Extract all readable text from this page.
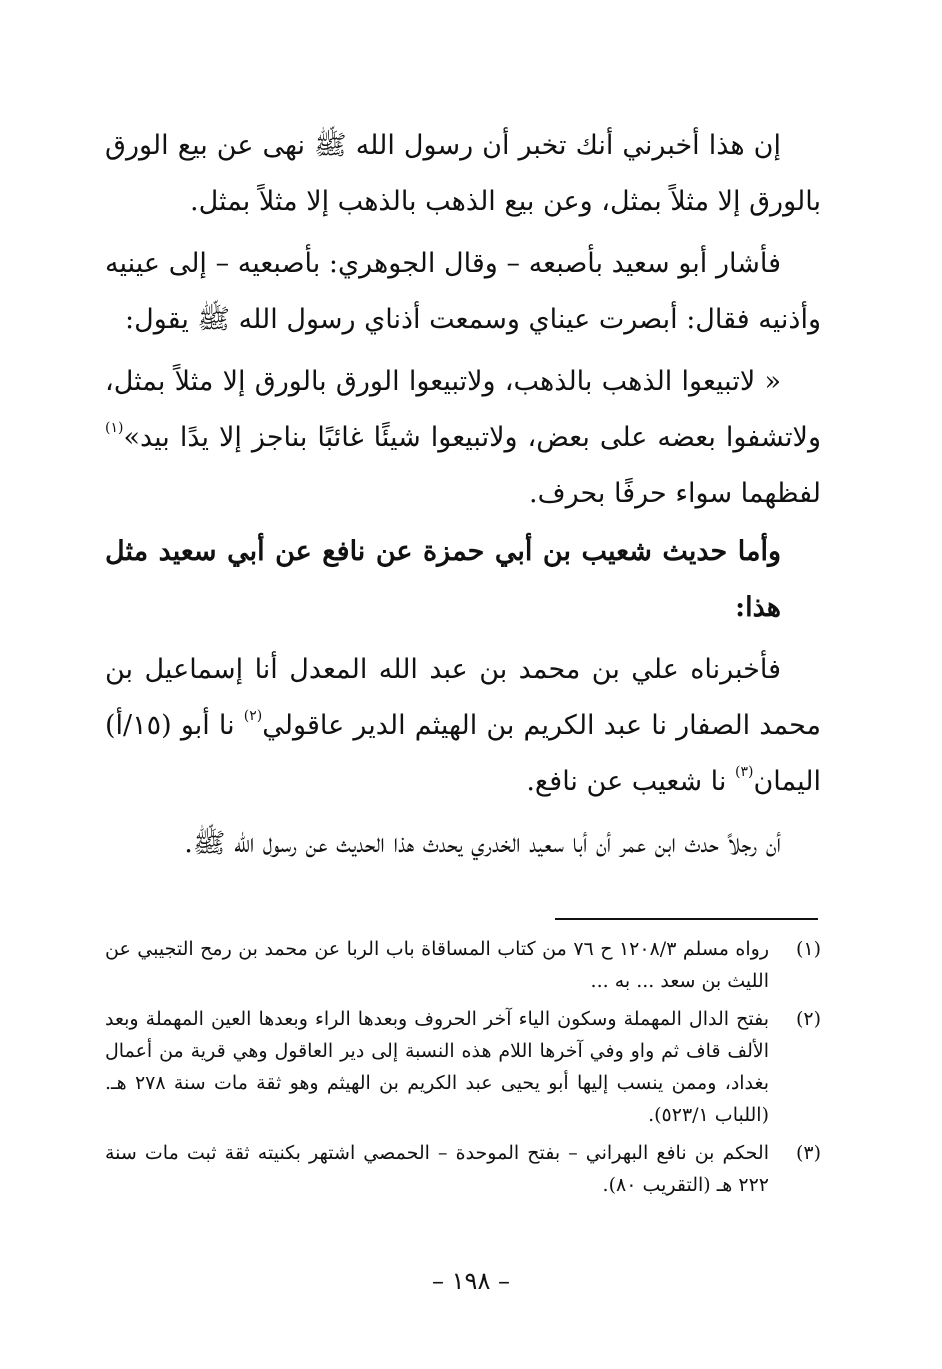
إن هذا أخبرني أنك تخبر أن رسول الله ﷺ نهى عن بيع الورق بالورق إلا مثلاً بمثل، وعن بيع الذهب بالذهب إلا مثلاً بمثل.

فأشار أبو سعيد بأصبعه – وقال الجوهري: بأصبعيه – إلى عينيه وأذنيه فقال: أبصرت عيناي وسمعت أذناي رسول الله ﷺ يقول:

« لاتبيعوا الذهب بالذهب، ولاتبيعوا الورق بالورق إلا مثلاً بمثل، ولاتشفوا بعضه على بعض، ولاتبيعوا شيئًا غائبًا بناجز إلا يدًا بيد»$^{(١)}$ لفظهما سواء حرفًا بحرف.

وأما حديث شعيب بن أبي حمزة عن نافع عن أبي سعيد مثل هذا:

فأخبرناه علي بن محمد بن عبد الله المعدل أنا إسماعيل بن محمد الصفار نا عبد الكريم بن الهيثم الدير عاقولي$^{(٢)}$ نا أبو (١٥/أ) اليمان$^{(٣)}$ نا شعيب عن نافع.

أن رجلاً حدث ابن عمر أن أبا سعيد الخدري يحدث هذا الحديث عن رسول الله ﷺ.

(١)
رواه مسلم ١٢٠٨/٣ ح ٧٦ من كتاب المساقاة باب الربا عن محمد بن رمح التجيبي عن الليث بن سعد ... به ...
(٢)
بفتح الدال المهملة وسكون الياء آخر الحروف وبعدها الراء وبعدها العين المهملة وبعد الألف قاف ثم واو وفي آخرها اللام هذه النسبة إلى دير العاقول وهي قرية من أعمال بغداد، وممن ينسب إليها أبو يحيى عبد الكريم بن الهيثم وهو ثقة مات سنة ٢٧٨ هـ. (اللباب ٥٢٣/١).
(٣)
الحكم بن نافع البهراني – بفتح الموحدة – الحمصي اشتهر بكنيته ثقة ثبت مات سنة ٢٢٢ هـ (التقريب ٨٠).
– ١٩٨ –
